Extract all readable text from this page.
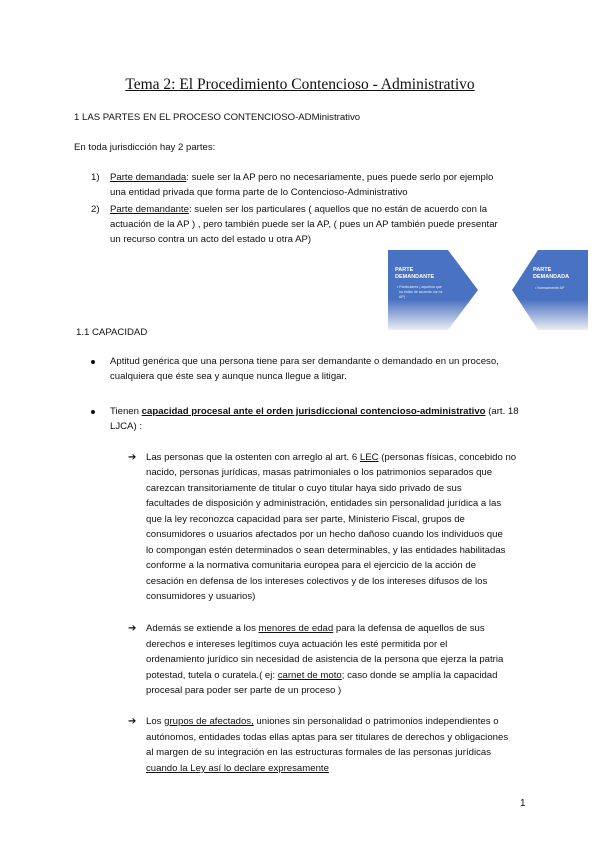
Tema 2: El Procedimiento Contencioso - Administrativo

1 LAS PARTES EN EL PROCESO CONTENCIOSO-ADMinistrativo

En toda jurisdicción hay 2 partes:

1) Parte demandada: suele ser la AP pero no necesariamente, pues puede serlo por ejemplo

una entidad privada que forma parte de lo Contencioso-Administrativo

2) Parte demandante: suelen ser los particulares ( aquellos que no están de acuerdo con la

actuación de la AP ) , pero también puede ser la AP, ( pues un AP también puede presentar

un recurso contra un acto del estado u otra AP)

PARTE
DEMANDANTE
• Particulares ( aquellos que
no están de acuerdo con la
AP)
PARTE
DEMANDADA
• Normalmente AP

1.1 CAPACIDAD

Aptitud genérica que una persona tiene para ser demandante o demandado en un proceso,

cualquiera que éste sea y aunque nunca llegue a litigar.

Tienen capacidad procesal ante el orden jurisdiccional contencioso-administrativo (art. 18

LJCA) :

➔ Las personas que la ostenten con arreglo al art. 6 LEC (personas físicas, concebido no

nacido, personas jurídicas, masas patrimoniales o los patrimonios separados que

carezcan transitoriamente de titular o cuyo titular haya sido privado de sus

facultades de disposición y administración, entidades sin personalidad jurídica a las

que la ley reconozca capacidad para ser parte, Ministerio Fiscal, grupos de

consumidores o usuarios afectados por un hecho dañoso cuando los individuos que

lo compongan estén determinados o sean determinables, y las entidades habilitadas

conforme a la normativa comunitaria europea para el ejercicio de la acción de

cesación en defensa de los intereses colectivos y de los intereses difusos de los

consumidores y usuarios)

➔ Además se extiende a los menores de edad para la defensa de aquellos de sus

derechos e intereses legítimos cuya actuación les esté permitida por el

ordenamiento jurídico sin necesidad de asistencia de la persona que ejerza la patria

potestad, tutela o curatela.( ej: carnet de moto; caso donde se amplía la capacidad

procesal para poder ser parte de un proceso )

➔ Los grupos de afectados, uniones sin personalidad o patrimonios independientes o

autónomos, entidades todas ellas aptas para ser titulares de derechos y obligaciones

al margen de su integración en las estructuras formales de las personas jurídicas

cuando la Ley así lo declare expresamente

1
